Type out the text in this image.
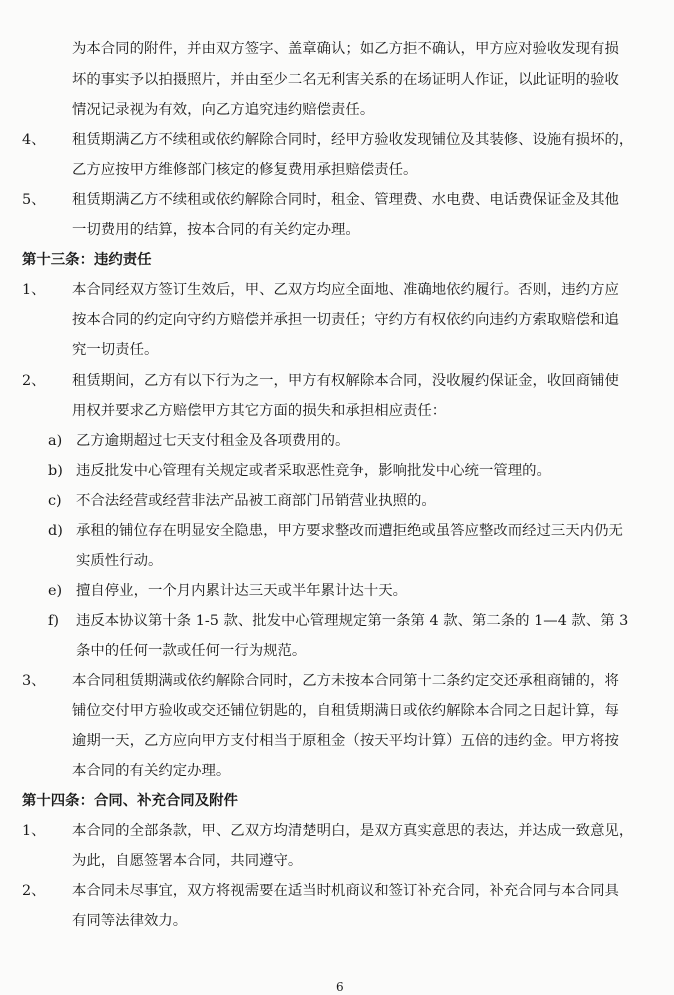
为本合同的附件，并由双方签字、盖章确认；如乙方拒不确认，甲方应对验收发现有损

坏的事实予以拍摄照片，并由至少二名无利害关系的在场证明人作证，以此证明的验收

情况记录视为有效，向乙方追究违约赔偿责任。

4、 租赁期满乙方不续租或依约解除合同时，经甲方验收发现铺位及其装修、设施有损坏的，

乙方应按甲方维修部门核定的修复费用承担赔偿责任。

5、 租赁期满乙方不续租或依约解除合同时，租金、管理费、水电费、电话费保证金及其他

一切费用的结算，按本合同的有关约定办理。

第十三条：违约责任

1、 本合同经双方签订生效后，甲、乙双方均应全面地、准确地依约履行。否则，违约方应

按本合同的约定向守约方赔偿并承担一切责任；守约方有权依约向违约方索取赔偿和追

究一切责任。

2、 租赁期间，乙方有以下行为之一，甲方有权解除本合同，没收履约保证金，收回商铺使

用权并要求乙方赔偿甲方其它方面的损失和承担相应责任：

a) 乙方逾期超过七天支付租金及各项费用的。

b) 违反批发中心管理有关规定或者采取恶性竞争，影响批发中心统一管理的。

c) 不合法经营或经营非法产品被工商部门吊销营业执照的。

d) 承租的铺位存在明显安全隐患，甲方要求整改而遭拒绝或虽答应整改而经过三天内仍无

实质性行动。

e) 擅自停业，一个月内累计达三天或半年累计达十天。

f) 违反本协议第十条 1-5 款、批发中心管理规定第一条第 4 款、第二条的 1—4 款、第 3

条中的任何一款或任何一行为规范。

3、 本合同租赁期满或依约解除合同时，乙方未按本合同第十二条约定交还承租商铺的，将

铺位交付甲方验收或交还铺位钥匙的，自租赁期满日或依约解除本合同之日起计算，每

逾期一天，乙方应向甲方支付相当于原租金（按天平均计算）五倍的违约金。甲方将按

本合同的有关约定办理。

第十四条：合同、补充合同及附件

1、 本合同的全部条款，甲、乙双方均清楚明白，是双方真实意思的表达，并达成一致意见，

为此，自愿签署本合同，共同遵守。

2、 本合同未尽事宜，双方将视需要在适当时机商议和签订补充合同，补充合同与本合同具

有同等法律效力。

6
